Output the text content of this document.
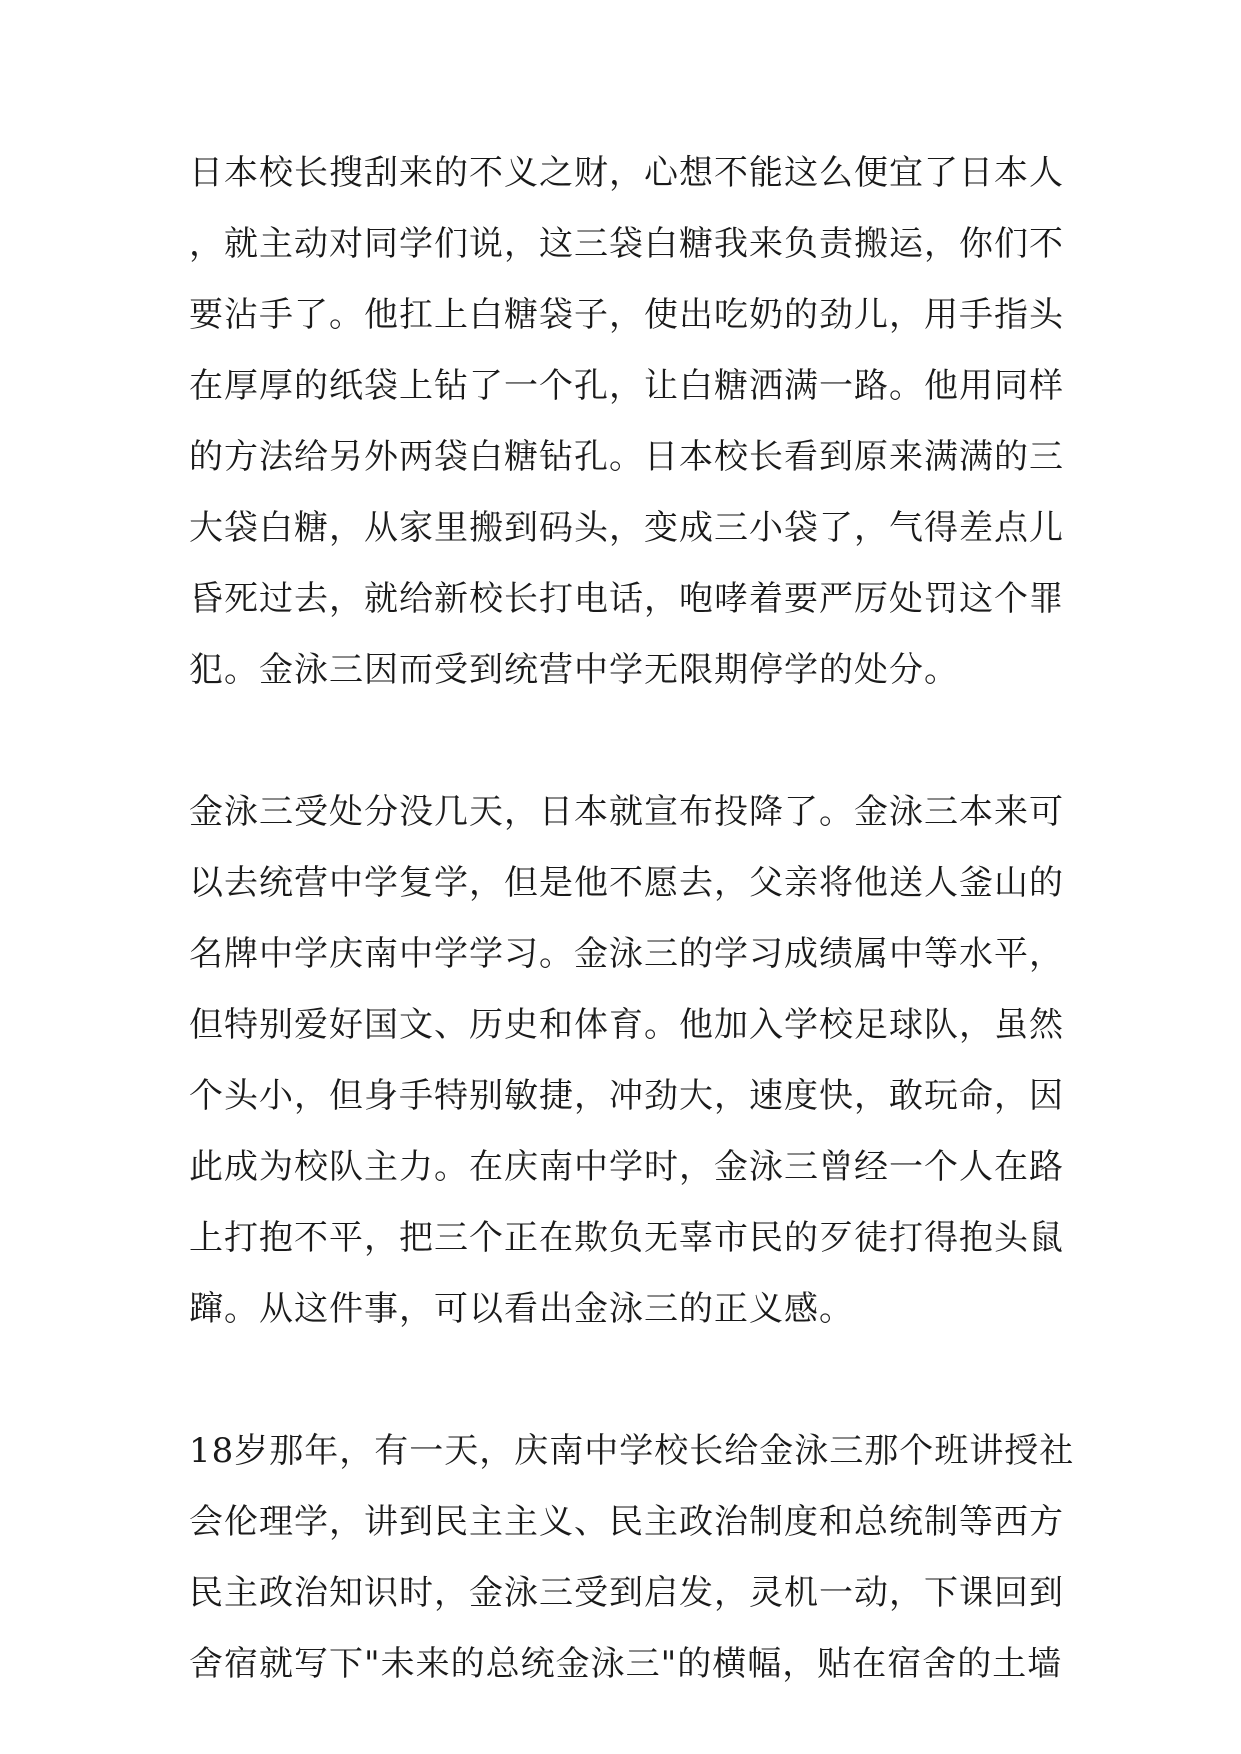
日本校长搜刮来的不义之财，心想不能这么便宜了日本人
，就主动对同学们说，这三袋白糖我来负责搬运，你们不
要沾手了。他扛上白糖袋子，使出吃奶的劲儿，用手指头
在厚厚的纸袋上钻了一个孔，让白糖洒满一路。他用同样
的方法给另外两袋白糖钻孔。日本校长看到原来满满的三
大袋白糖，从家里搬到码头，变成三小袋了，气得差点儿
昏死过去，就给新校长打电话，咆哮着要严厉处罚这个罪
犯。金泳三因而受到统营中学无限期停学的处分。
金泳三受处分没几天，日本就宣布投降了。金泳三本来可
以去统营中学复学，但是他不愿去，父亲将他送人釜山的
名牌中学庆南中学学习。金泳三的学习成绩属中等水平，
但特别爱好国文、历史和体育。他加入学校足球队，虽然
个头小，但身手特别敏捷，冲劲大，速度快，敢玩命，因
此成为校队主力。在庆南中学时，金泳三曾经一个人在路
上打抱不平，把三个正在欺负无辜市民的歹徒打得抱头鼠
蹿。从这件事，可以看出金泳三的正义感。
18岁那年，有一天，庆南中学校长给金泳三那个班讲授社
会伦理学，讲到民主主义、民主政治制度和总统制等西方
民主政治知识时，金泳三受到启发，灵机一动，下课回到
舍宿就写下"未来的总统金泳三"的横幅，贴在宿舍的土墙
